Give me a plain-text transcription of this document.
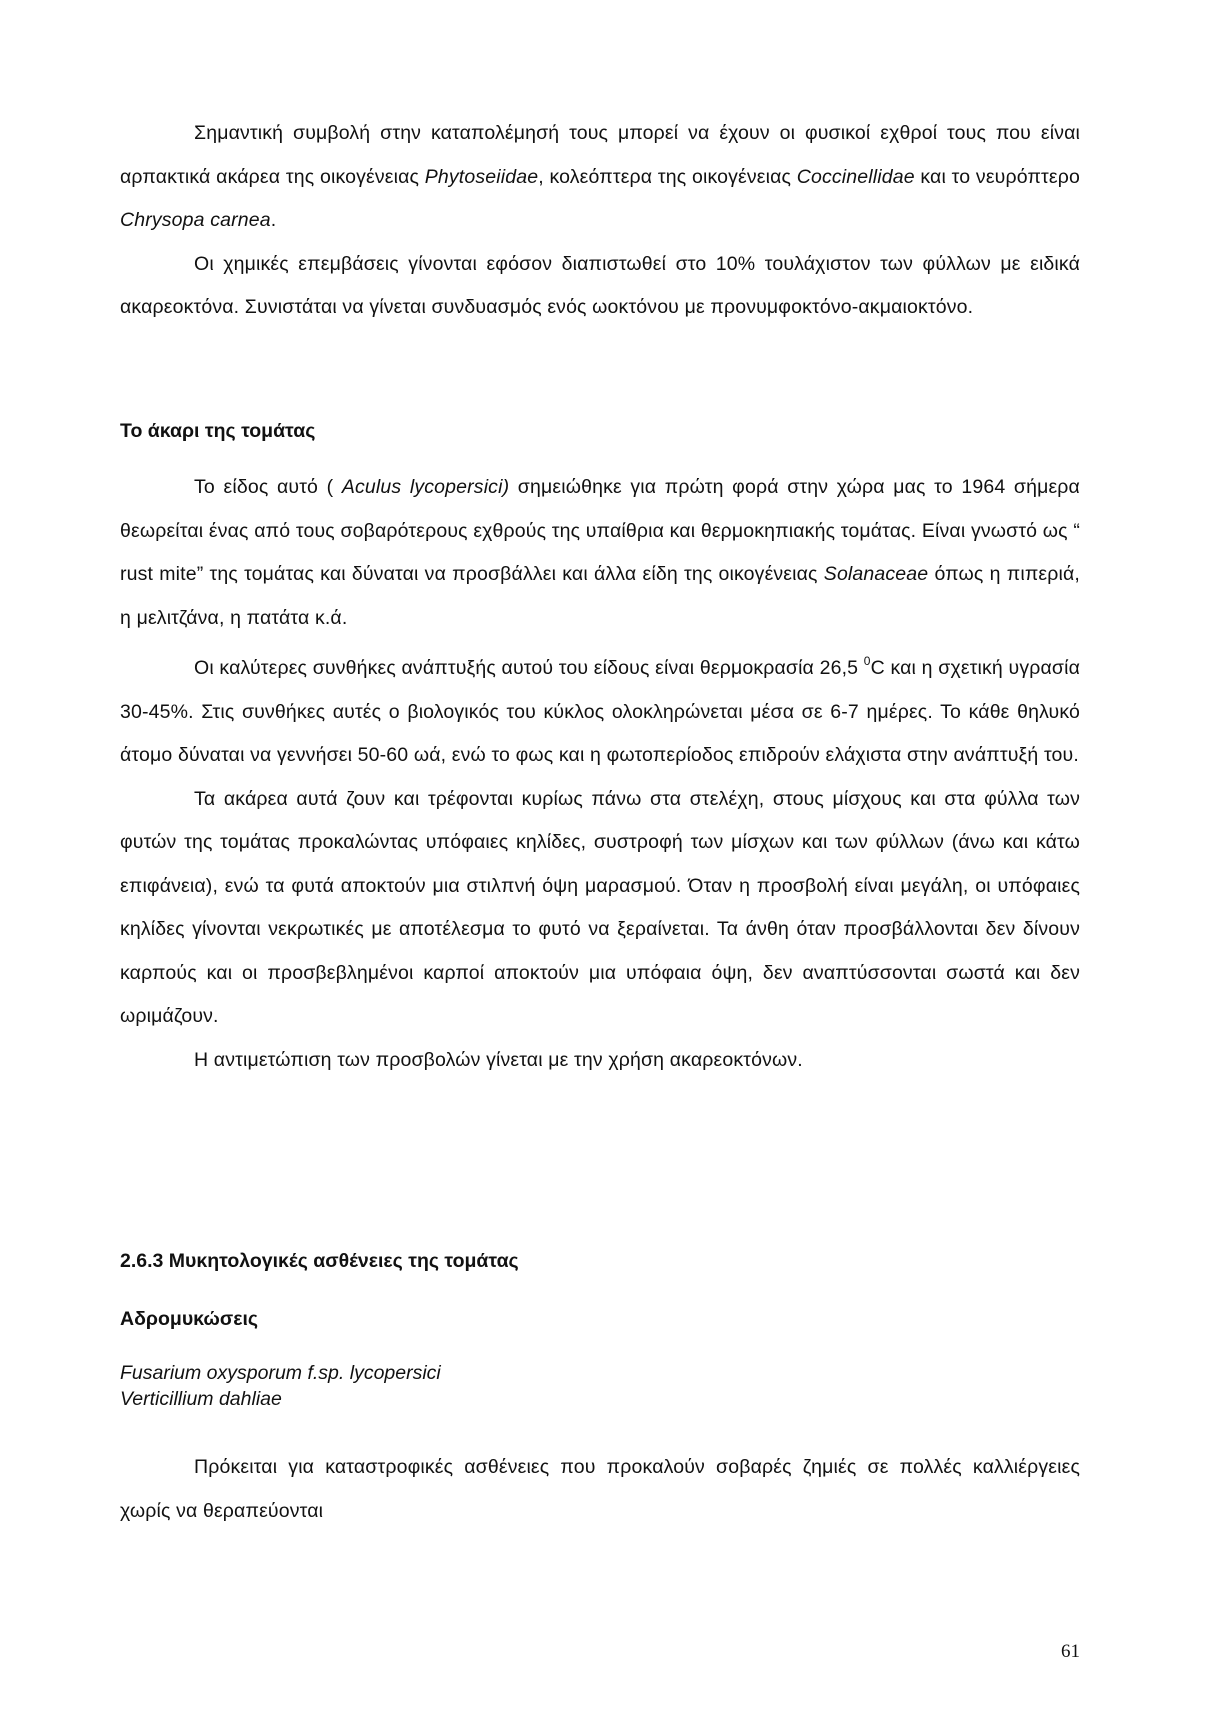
Σημαντική συμβολή στην καταπολέμησή τους μπορεί να έχουν οι φυσικοί εχθροί τους που είναι αρπακτικά ακάρεα της οικογένειας Phytoseiidae, κολεόπτερα της οικογένειας Coccinellidae και το νευρόπτερο Chrysopa carnea.

Οι χημικές επεμβάσεις γίνονται εφόσον διαπιστωθεί στο 10% τουλάχιστον των φύλλων με ειδικά ακαρεοκτόνα. Συνιστάται να γίνεται συνδυασμός ενός ωοκτόνου με προνυμφοκτόνο-ακμαιοκτόνο.

Το άκαρι της τομάτας

Το είδος αυτό ( Aculus lycopersici) σημειώθηκε για πρώτη φορά στην χώρα μας το 1964 σήμερα θεωρείται ένας από τους σοβαρότερους εχθρούς της υπαίθρια και θερμοκηπιακής τομάτας. Είναι γνωστό ως “ rust mite” της τομάτας και δύναται να προσβάλλει και άλλα είδη της οικογένειας Solanaceae όπως η πιπεριά, η μελιτζάνα, η πατάτα κ.ά.

Οι καλύτερες συνθήκες ανάπτυξής αυτού του είδους είναι θερμοκρασία 26,5 $^0$C και η σχετική υγρασία 30-45%. Στις συνθήκες αυτές ο βιολογικός του κύκλος ολοκληρώνεται μέσα σε 6-7 ημέρες. Το κάθε θηλυκό άτομο δύναται να γεννήσει 50-60 ωά, ενώ το φως και η φωτοπερίοδος επιδρούν ελάχιστα στην ανάπτυξή του.

Τα ακάρεα αυτά ζουν και τρέφονται κυρίως πάνω στα στελέχη, στους μίσχους και στα φύλλα των φυτών της τομάτας προκαλώντας υπόφαιες κηλίδες, συστροφή των μίσχων και των φύλλων (άνω και κάτω επιφάνεια), ενώ τα φυτά αποκτούν μια στιλπνή όψη μαρασμού. Όταν η προσβολή είναι μεγάλη, οι υπόφαιες κηλίδες γίνονται νεκρωτικές με αποτέλεσμα το φυτό να ξεραίνεται. Τα άνθη όταν προσβάλλονται δεν δίνουν καρπούς και οι προσβεβλημένοι καρποί αποκτούν μια υπόφαια όψη, δεν αναπτύσσονται σωστά και δεν ωριμάζουν.

Η αντιμετώπιση των προσβολών γίνεται με την χρήση ακαρεοκτόνων.

2.6.3 Μυκητολογικές ασθένειες της τομάτας
Αδρομυκώσεις
Fusarium oxysporum f.sp. lycopersici
Verticillium dahliae

Πρόκειται για καταστροφικές ασθένειες που προκαλούν σοβαρές ζημιές σε πολλές καλλιέργειες χωρίς να θεραπεύονται

61
